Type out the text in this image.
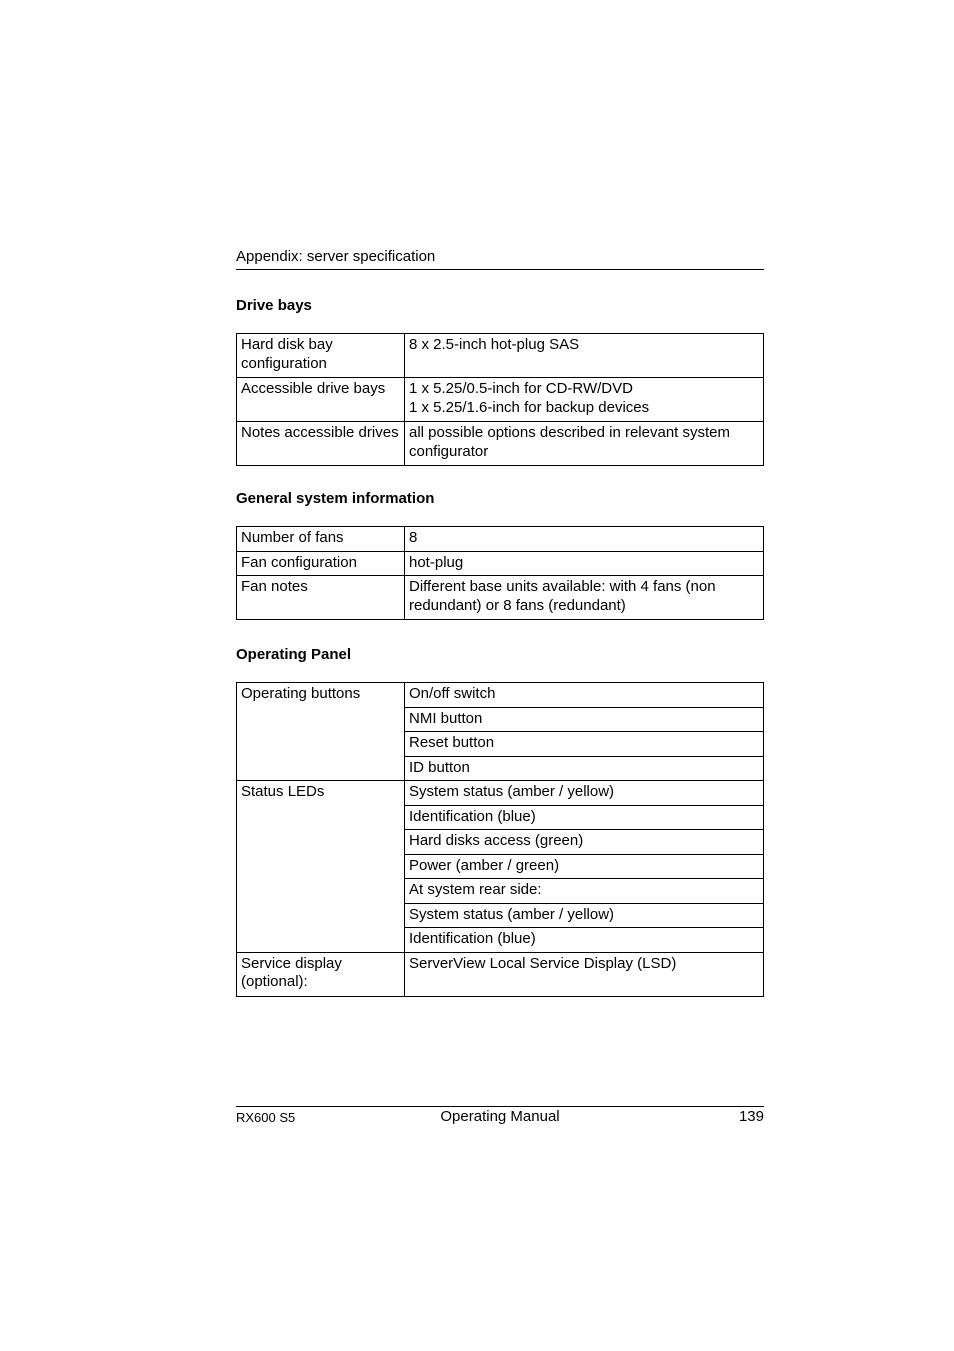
Appendix: server specification
Drive bays
Hard disk bay configuration	8 x 2.5-inch hot-plug SAS
Accessible drive bays	1 x 5.25/0.5-inch for CD-RW/DVD
1 x 5.25/1.6-inch for backup devices

Notes accessible drives	all possible options described in relevant system configurator
General system information
Number of fans	8
Fan configuration	hot-plug
Fan notes	Different base units available: with 4 fans (non redundant) or 8 fans (redundant)
Operating Panel
Operating buttons	On/off switch
	NMI button
	Reset button
	ID button
Status LEDs	System status (amber / yellow)
	Identification (blue)
	Hard disks access (green)
	Power (amber / green)
	At system rear side:
	System status (amber / yellow)
	Identification (blue)
Service display (optional):	ServerView Local Service Display (LSD)
RX600 S5	Operating Manual	139
